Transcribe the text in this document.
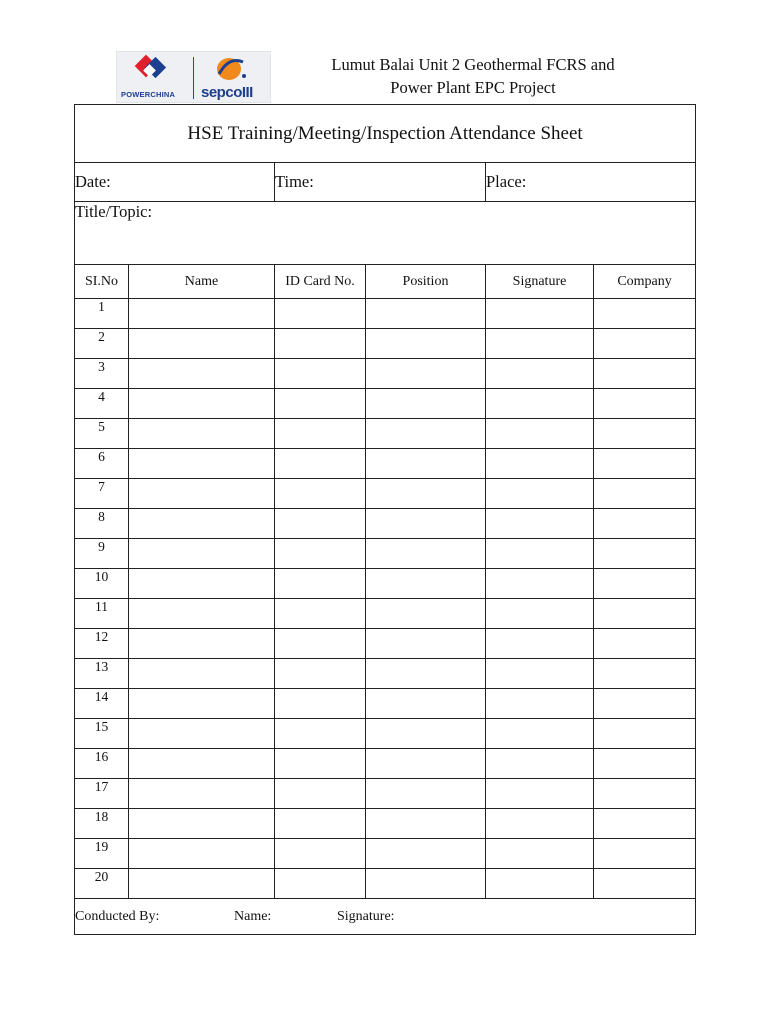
POWERCHINA sepcoIII
Lumut Balai Unit 2 Geothermal FCRS and
Power Plant EPC Project
HSE Training/Meeting/Inspection Attendance Sheet					
Date:		Time:		Place:	
Title/Topic:					
SI.No	Name	ID Card No.	Position	Signature	Company
1					
2					
3					
4					
5					
6					
7					
8					
9					
10					
11					
12					
13					
14					
15					
16					
17					
18					
19					
20					
Conducted By: Name: Signature:					
